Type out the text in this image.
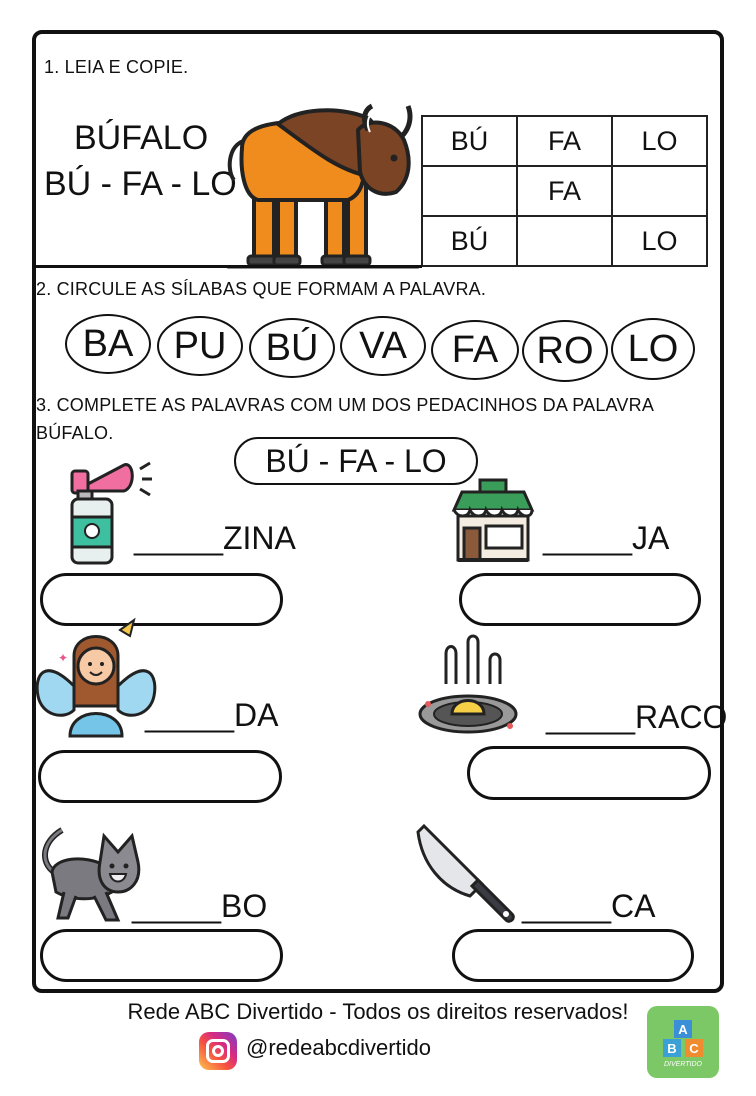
1. LEIA E COPIE.
BÚFALO
BÚ - FA - LO
BÚ	FA	LO
	FA	
BÚ		LO
2. CIRCULE AS SÍLABAS QUE FORMAM A PALAVRA.
BA	PU	BÚ	VA	FA	RO LO
3. COMPLETE AS PALAVRAS COM UM DOS PEDACINHOS DA PALAVRA
BÚFALO.
BÚ - FA - LO
_____ZINA	_____JA
✦
_____DA	_____RACO
_____BO	_____CA
Rede ABC Divertido - Todos os direitos reservados!
@redeabcdivertido
A
B C
DIVERTIDO
